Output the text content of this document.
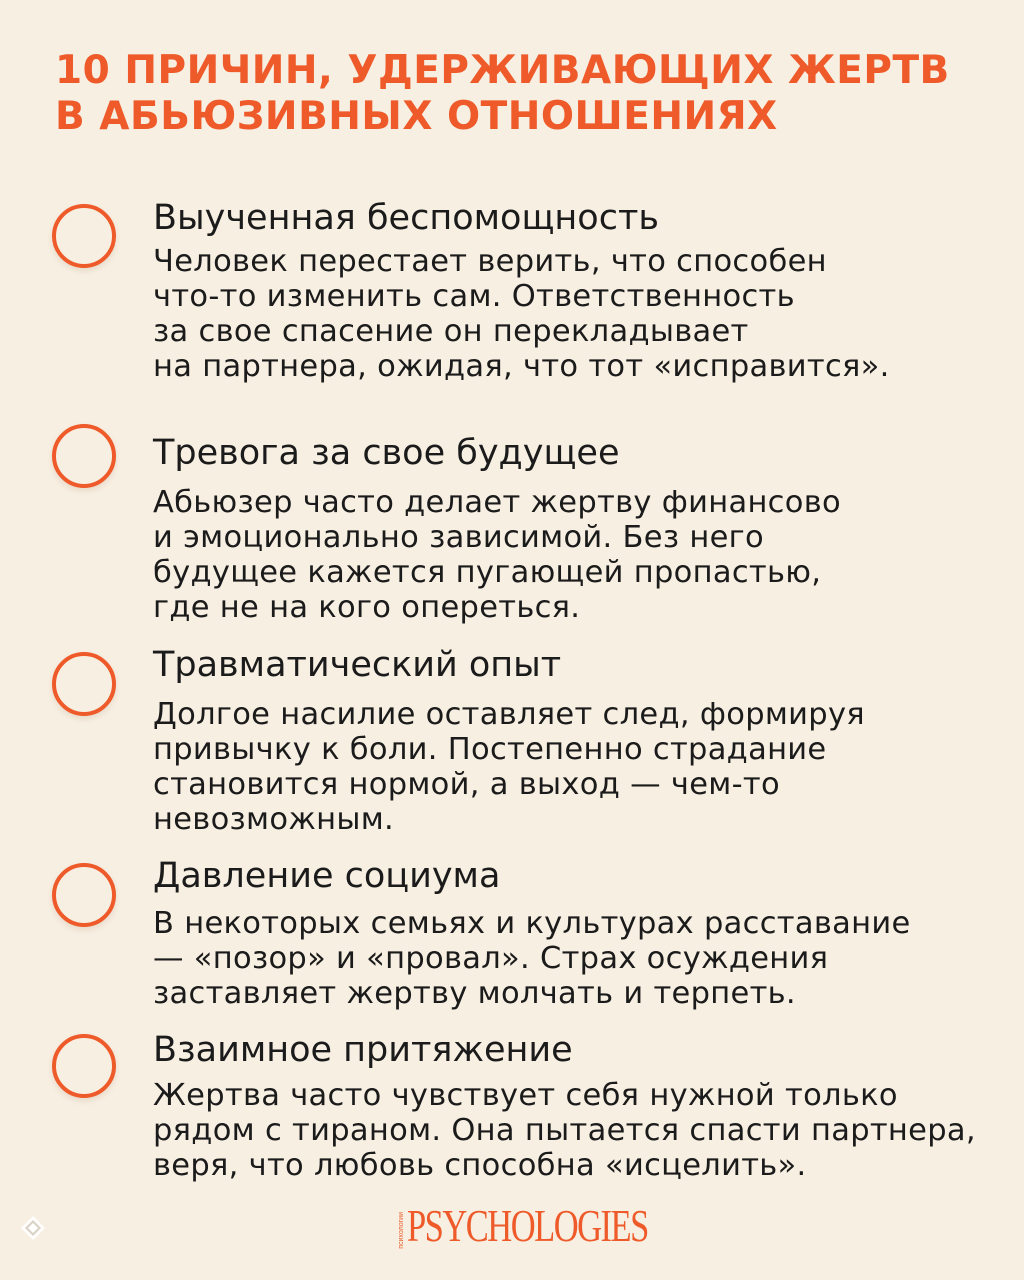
10 ПРИЧИН, УДЕРЖИВАЮЩИХ ЖЕРТВ
В АБЬЮЗИВНЫХ ОТНОШЕНИЯХ
Выученная беспомощность
Человек перестает верить, что способен
что-то изменить сам. Ответственность
за свое спасение он перекладывает
на партнера, ожидая, что тот «исправится».
Тревога за свое будущее
Абьюзер часто делает жертву финансово
и эмоционально зависимой. Без него
будущее кажется пугающей пропастью,
где не на кого опереться.
Травматический опыт
Долгое насилие оставляет след, формируя
привычку к боли. Постепенно страдание
становится нормой, а выход — чем-то
невозможным.
Давление социума
В некоторых семьях и культурах расставание
— «позор» и «провал». Страх осуждения
заставляет жертву молчать и терпеть.
Взаимное притяжение
Жертва часто чувствует себя нужной только
рядом с тираном. Она пытается спасти партнера,
веря, что любовь способна «исцелить».
психологии PSYCHOLOGIES
